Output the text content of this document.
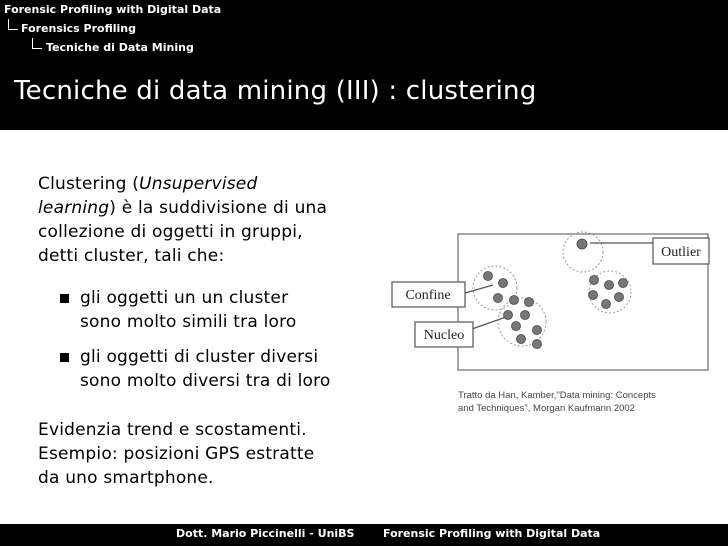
Forensic Profiling with Digital Data
Forensics Profiling
Tecniche di Data Mining
Tecniche di data mining (III) : clustering
Clustering (Unsupervised
learning) è la suddivisione di una
collezione di oggetti in gruppi,
detti cluster, tali che:
gli oggetti un un cluster
sono molto simili tra loro
gli oggetti di cluster diversi
sono molto diversi tra di loro
Evidenzia trend e scostamenti.
Esempio: posizioni GPS estratte
da uno smartphone.
Outlier
Confine
Nucleo
Tratto da Han, Kamber,"Data mining: Concepts
and Techniques", Morgan Kaufmann 2002
Dott. Mario Piccinelli - UniBS	Forensic Profiling with Digital Data
